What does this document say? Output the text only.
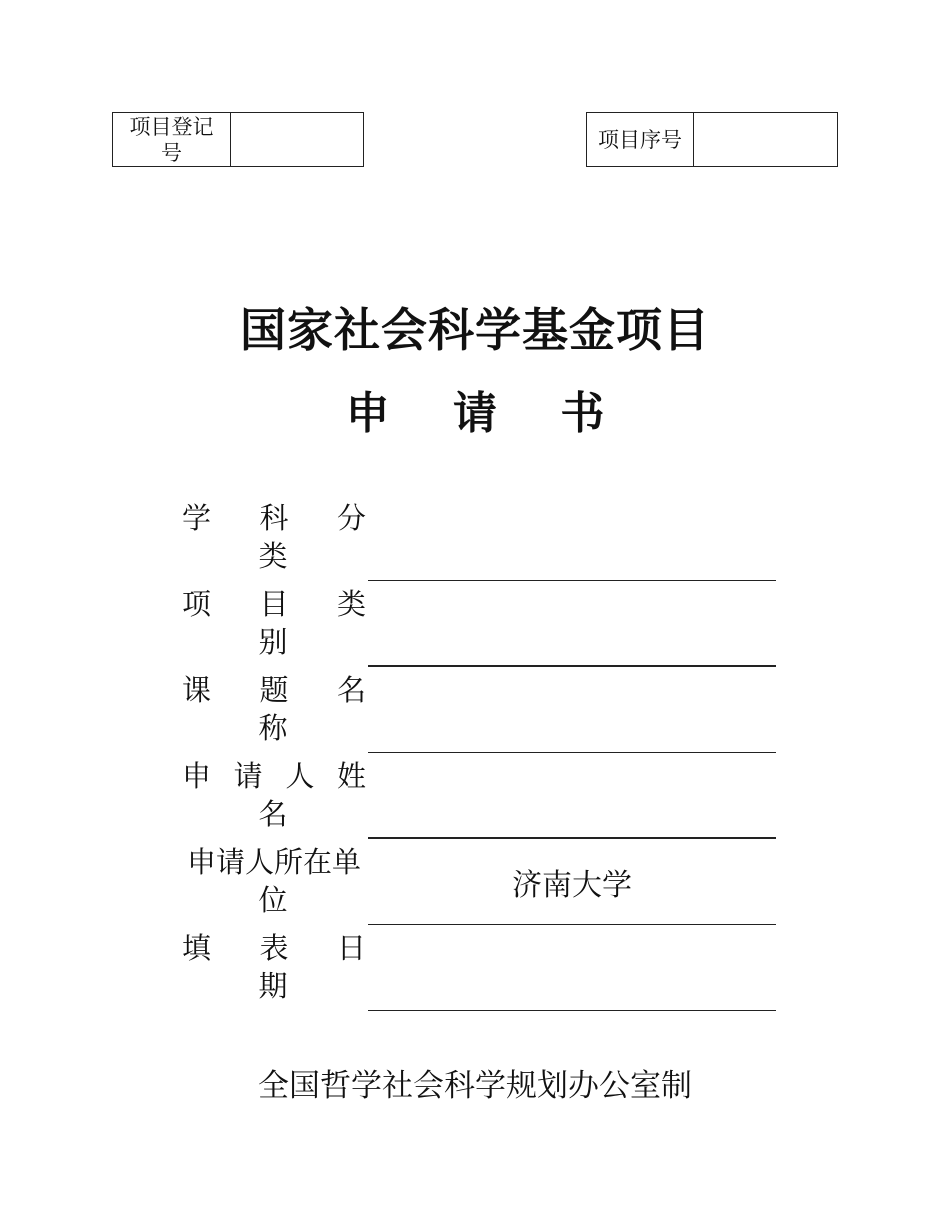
项目登记
号
项目序号
国家社会科学基金项目
申 请 书
学 科 分
类
项 目 类
别
课 题 名
称
申 请 人 姓
名
申请人所在单
位	济南大学
填 表 日
期
全国哲学社会科学规划办公室制
